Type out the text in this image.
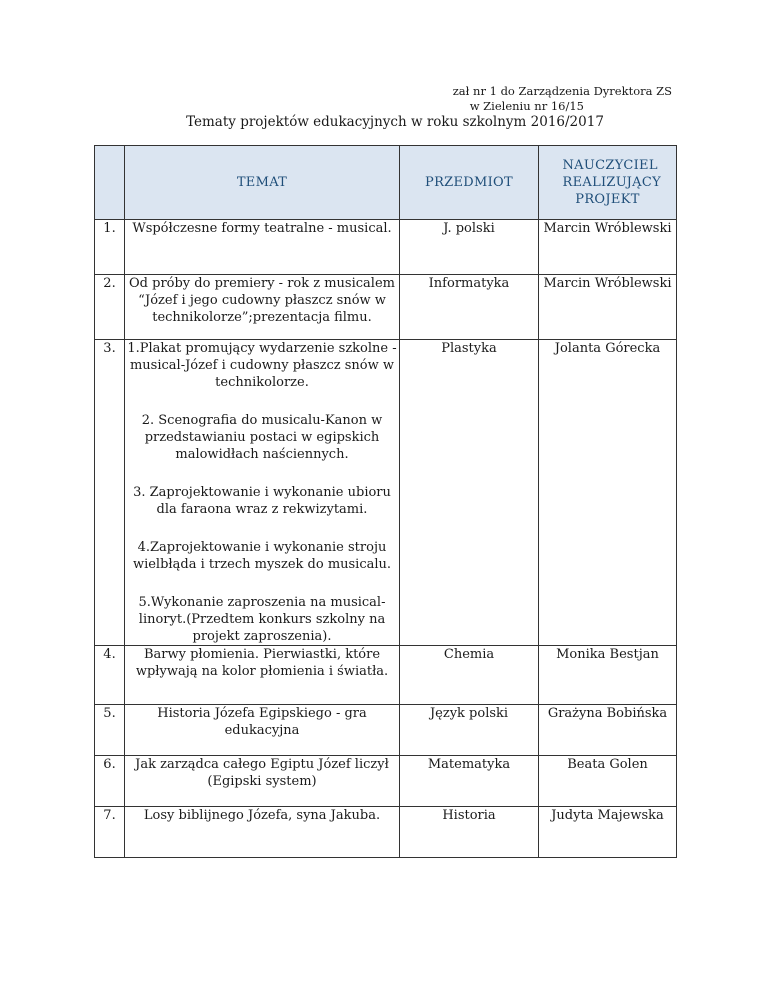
zał nr 1 do Zarządzenia Dyrektora ZS
w Zieleniu nr 16/15
Tematy projektów edukacyjnych w roku szkolnym 2016/2017
	TEMAT	PRZEDMIOT	NAUCZYCIEL REALIZUJĄCY PROJEKT

1.	Współczesne formy teatralne - musical.	J. polski	Marcin Wróblewski
2.	Od próby do premiery - rok z musicalem “Józef i jego cudowny płaszcz snów w technikolorze”;prezentacja filmu.	Informatyka	Marcin Wróblewski
3.	1.Plakat promujący wydarzenie szkolne -musical-Józef i cudowny płaszcz snów w technikolorze.
2. Scenografia do musicalu-Kanon w przedstawianiu postaci w egipskich malowidłach naściennych.
3. Zaprojektowanie i wykonanie ubioru dla faraona wraz z rekwizytami.
4.Zaprojektowanie i wykonanie stroju wielbłąda i trzech myszek do musicalu.
5.Wykonanie zaproszenia na musical-linoryt.(Przedtem konkurs szkolny na projekt zaproszenia).	Plastyka	Jolanta Górecka
4.	Barwy płomienia. Pierwiastki, które wpływają na kolor płomienia i światła.	Chemia	Monika Bestjan
5.	Historia Józefa Egipskiego - gra edukacyjna	Język polski	Grażyna Bobińska
6.	Jak zarządca całego Egiptu Józef liczył (Egipski system)	Matematyka	Beata Golen
7.	Losy biblijnego Józefa, syna Jakuba.	Historia	Judyta Majewska
